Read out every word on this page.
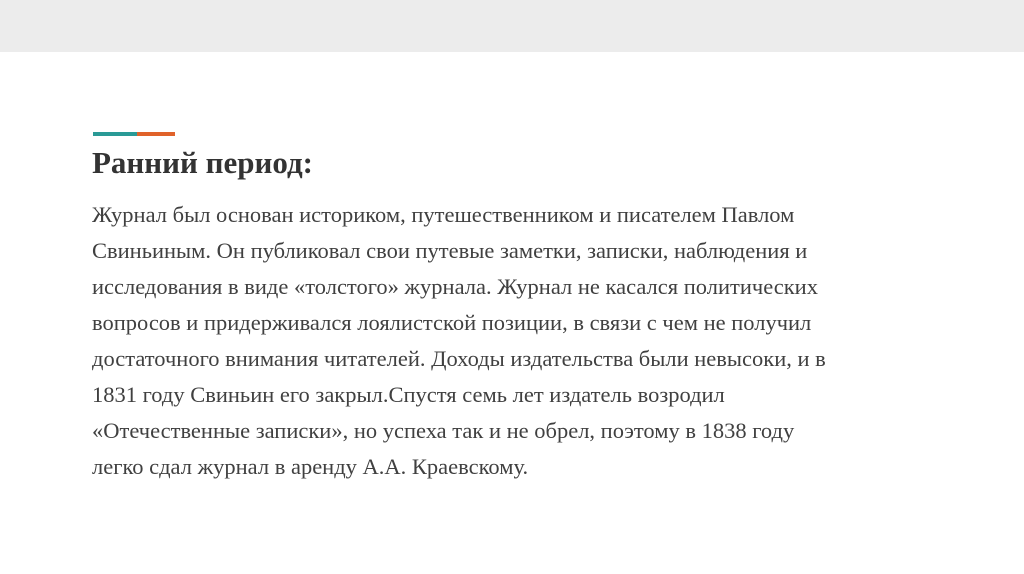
Ранний период:

Журнал был основан историком, путешественником и писателем Павлом
Свиньиным. Он публиковал свои путевые заметки, записки, наблюдения и
исследования в виде «толстого» журнала. Журнал не касался политических
вопросов и придерживался лоялистской позиции, в связи с чем не получил
достаточного внимания читателей. Доходы издательства были невысоки, и в
1831 году Свиньин его закрыл.Спустя семь лет издатель возродил
«Отечественные записки», но успеха так и не обрел, поэтому в 1838 году
легко сдал журнал в аренду А.А. Краевскому.
